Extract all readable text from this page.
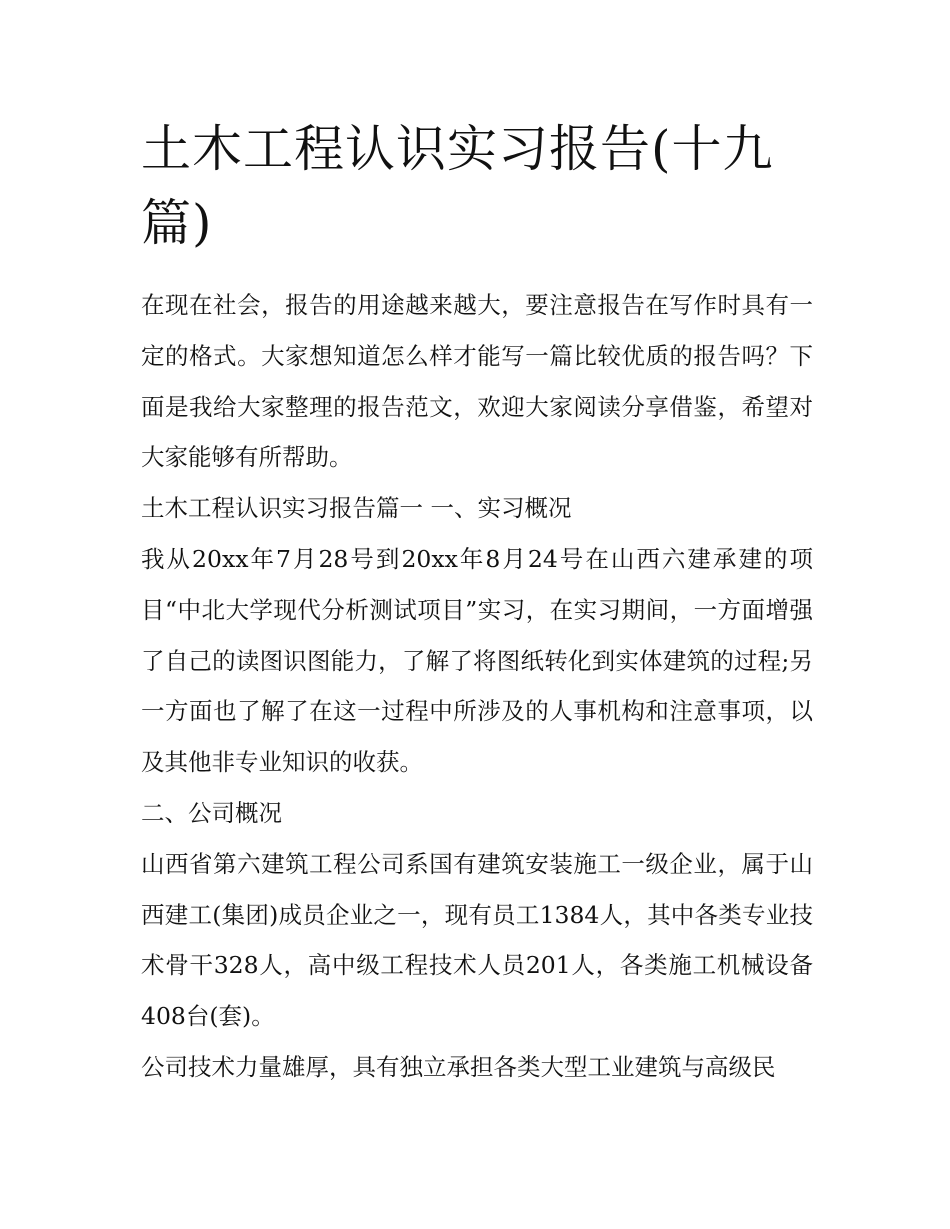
土木工程认识实习报告(十九篇)

在现在社会，报告的用途越来越大，要注意报告在写作时具有一定的格式。大家想知道怎么样才能写一篇比较优质的报告吗？下面是我给大家整理的报告范文，欢迎大家阅读分享借鉴，希望对大家能够有所帮助。

土木工程认识实习报告篇一 一、实习概况

我从20xx年7月28号到20xx年8月24号在山西六建承建的项目“中北大学现代分析测试项目”实习，在实习期间，一方面增强了自己的读图识图能力，了解了将图纸转化到实体建筑的过程;另一方面也了解了在这一过程中所涉及的人事机构和注意事项，以及其他非专业知识的收获。

二、公司概况

山西省第六建筑工程公司系国有建筑安装施工一级企业，属于山西建工(集团)成员企业之一，现有员工1384人，其中各类专业技术骨干328人，高中级工程技术人员201人，各类施工机械设备408台(套)。

公司技术力量雄厚，具有独立承担各类大型工业建筑与高级民
